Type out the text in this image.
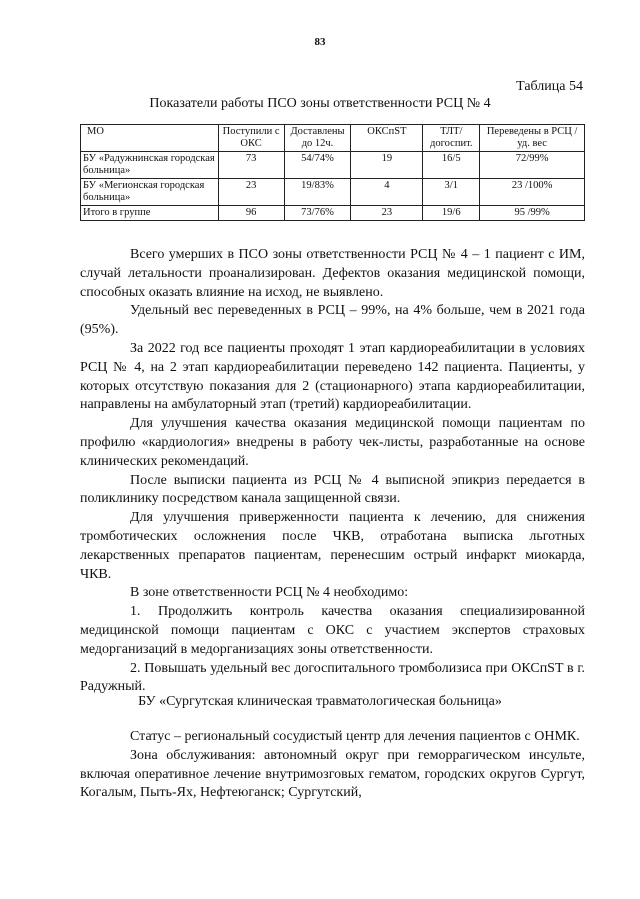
83
Таблица 54
Показатели работы ПСО зоны ответственности РСЦ № 4
МО	Поступили с ОКС	Доставлены до 12ч.	ОКСпST	ТЛТ/ догоспит.	Переведены в РСЦ / уд. вес
БУ «Радужнинская городская больница»	73	54/74%	19	16/5	72/99%
БУ «Мегионская городская больница»	23	19/83%	4	3/1	23 /100%
Итого в группе	96	73/76%	23	19/6	95 /99%

Всего умерших в ПСО зоны ответственности РСЦ № 4 – 1 пациент с ИМ, случай летальности проанализирован. Дефектов оказания медицинской помощи, способных оказать влияние на исход, не выявлено.

Удельный вес переведенных в РСЦ – 99%, на 4% больше, чем в 2021 года (95%).

За 2022 год все пациенты проходят 1 этап кардиореабилитации в условиях РСЦ № 4, на 2 этап кардиореабилитации переведено 142 пациента. Пациенты, у которых отсутствую показания для 2 (стационарного) этапа кардиореабилитации, направлены на амбулаторный этап (третий) кардиореабилитации.

Для улучшения качества оказания медицинской помощи пациентам по профилю «кардиология» внедрены в работу чек-листы, разработанные на основе клинических рекомендаций.

После выписки пациента из РСЦ № 4 выписной эпикриз передается в поликлинику посредством канала защищенной связи.

Для улучшения приверженности пациента к лечению, для снижения тромботических осложнения после ЧКВ, отработана выписка льготных лекарственных препаратов пациентам, перенесшим острый инфаркт миокарда, ЧКВ.

В зоне ответственности РСЦ № 4 необходимо:

1. Продолжить контроль качества оказания специализированной медицинской помощи пациентам с ОКС с участием экспертов страховых медорганизаций в медорганизациях зоны ответственности.

2. Повышать удельный вес догоспитального тромболизиса при ОКСпST в г. Радужный.

БУ «Сургутская клиническая травматологическая больница»

Статус – региональный сосудистый центр для лечения пациентов с ОНМК.

Зона обслуживания: автономный округ при геморрагическом инсульте, включая оперативное лечение внутримозговых гематом, городских округов Сургут, Когалым, Пыть-Ях, Нефтеюганск; Сургутский,
